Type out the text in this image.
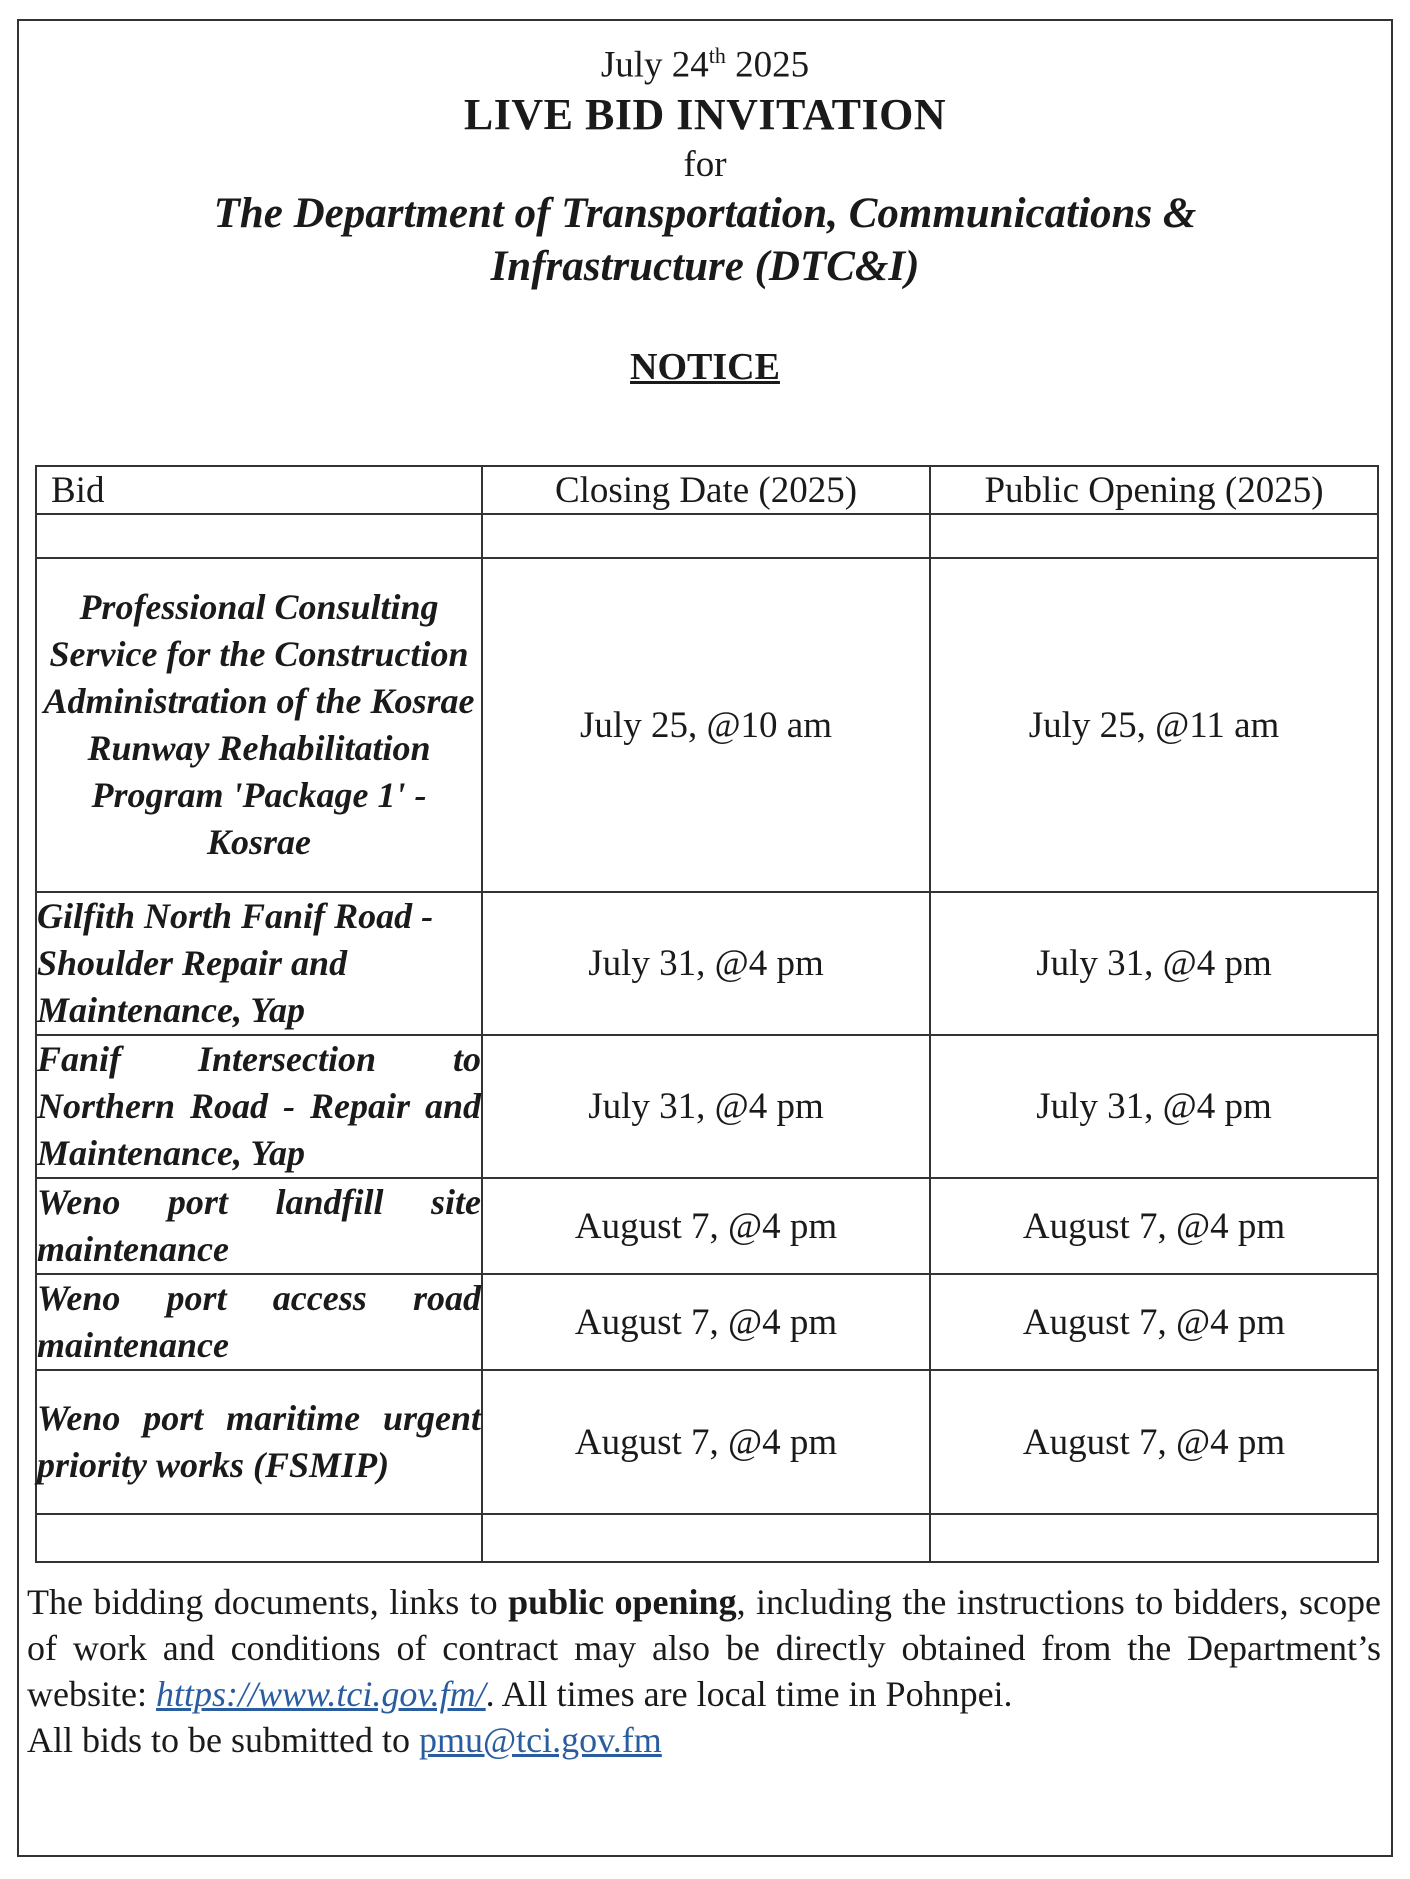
July 24th 2025
LIVE BID INVITATION
for
The Department of Transportation, Communications &
Infrastructure (DTC&I)
NOTICE
Bid	Closing Date (2025)	Public Opening (2025)

Professional Consulting Service for the Construction Administration of the Kosrae Runway Rehabilitation Program 'Package 1' - Kosrae	July 25, @10 am	July 25, @11 am
Gilfith North Fanif Road - Shoulder Repair and Maintenance, Yap	July 31, @4 pm	July 31, @4 pm
Fanif Intersection to Northern Road - Repair and Maintenance, Yap	July 31, @4 pm	July 31, @4 pm
Weno port landfill site maintenance	August 7, @4 pm	August 7, @4 pm
Weno port access road maintenance	August 7, @4 pm	August 7, @4 pm
Weno port maritime urgent priority works (FSMIP)	August 7, @4 pm	August 7, @4 pm

The bidding documents, links to public opening, including the instructions to bidders, scope of work and conditions of contract may also be directly obtained from the Department’s website: https://www.tci.gov.fm/. All times are local time in Pohnpei.
All bids to be submitted to pmu@tci.gov.fm
